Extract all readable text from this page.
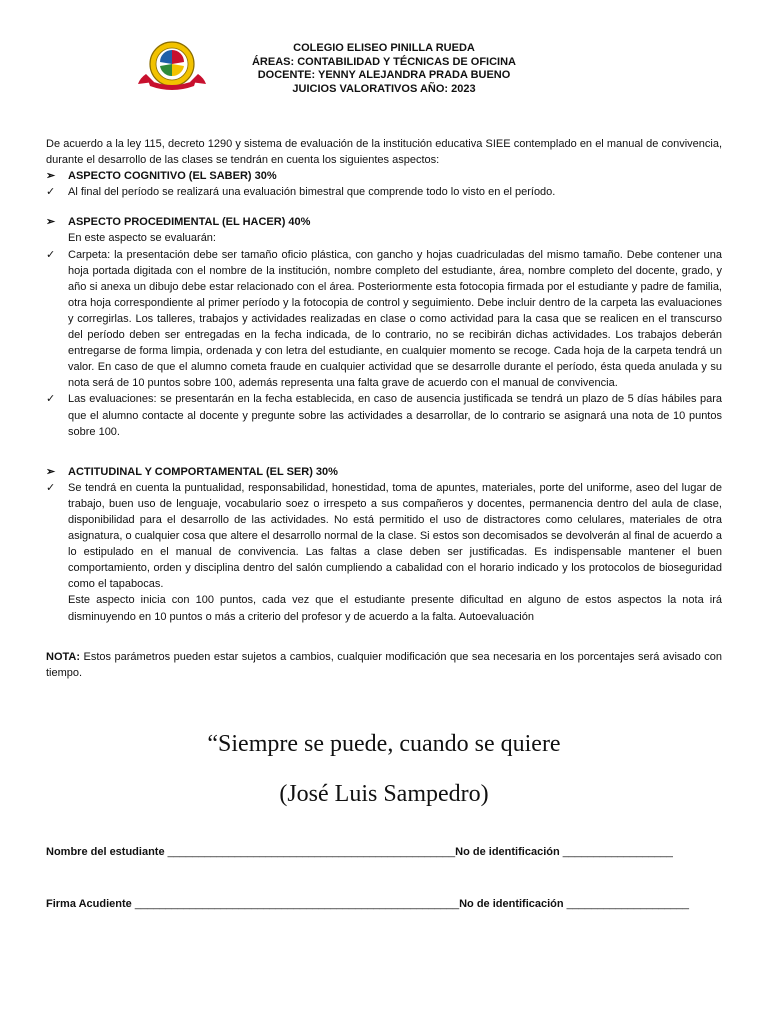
COLEGIO ELISEO PINILLA RUEDA
ÁREAS: CONTABILIDAD Y TÉCNICAS DE OFICINA
DOCENTE: YENNY ALEJANDRA PRADA BUENO
JUICIOS VALORATIVOS AÑO: 2023
De acuerdo a la ley 115, decreto 1290 y sistema de evaluación de la institución educativa SIEE contemplado en el manual de convivencia, durante el desarrollo de las clases se tendrán en cuenta los siguientes aspectos:
➢ ASPECTO COGNITIVO (EL SABER) 30%
✓ Al final del período se realizará una evaluación bimestral que comprende todo lo visto en el período.
➢ ASPECTO PROCEDIMENTAL (EL HACER) 40%
En este aspecto se evaluarán:
✓ Carpeta: la presentación debe ser tamaño oficio plástica, con gancho y hojas cuadriculadas del mismo tamaño. Debe contener una hoja portada digitada con el nombre de la institución, nombre completo del estudiante, área, nombre completo del docente, grado, y año si anexa un dibujo debe estar relacionado con el área. Posteriormente esta fotocopia firmada por el estudiante y padre de familia, otra hoja correspondiente al primer período y la fotocopia de control y seguimiento. Debe incluir dentro de la carpeta las evaluaciones y corregirlas. Los talleres, trabajos y actividades realizadas en clase o como actividad para la casa que se realicen en el transcurso del período deben ser entregadas en la fecha indicada, de lo contrario, no se recibirán dichas actividades. Los trabajos deberán entregarse de forma limpia, ordenada y con letra del estudiante, en cualquier momento se recoge. Cada hoja de la carpeta tendrá un valor. En caso de que el alumno cometa fraude en cualquier actividad que se desarrolle durante el período, ésta queda anulada y su nota será de 10 puntos sobre 100, además representa una falta grave de acuerdo con el manual de convivencia.
✓ Las evaluaciones: se presentarán en la fecha establecida, en caso de ausencia justificada se tendrá un plazo de 5 días hábiles para que el alumno contacte al docente y pregunte sobre las actividades a desarrollar, de lo contrario se asignará una nota de 10 puntos sobre 100.
➢ ACTITUDINAL Y COMPORTAMENTAL (EL SER) 30%
✓ Se tendrá en cuenta la puntualidad, responsabilidad, honestidad, toma de apuntes, materiales, porte del uniforme, aseo del lugar de trabajo, buen uso de lenguaje, vocabulario soez o irrespeto a sus compañeros y docentes, permanencia dentro del aula de clase, disponibilidad para el desarrollo de las actividades. No está permitido el uso de distractores como celulares, materiales de otra asignatura, o cualquier cosa que altere el desarrollo normal de la clase. Si estos son decomisados se devolverán al final de acuerdo a lo estipulado en el manual de convivencia. Las faltas a clase deben ser justificadas. Es indispensable mantener el buen comportamiento, orden y disciplina dentro del salón cumpliendo a cabalidad con el horario indicado y los protocolos de bioseguridad como el tapabocas.
Este aspecto inicia con 100 puntos, cada vez que el estudiante presente dificultad en alguno de estos aspectos la nota irá disminuyendo en 10 puntos o más a criterio del profesor y de acuerdo a la falta. Autoevaluación
NOTA: Estos parámetros pueden estar sujetos a cambios, cualquier modificación que sea necesaria en los porcentajes será avisado con tiempo.
“Siempre se puede, cuando se quiere
(José Luis Sampedro)
Nombre del estudiante _______________________________________________No de identificación __________________
Firma Acudiente _____________________________________________________No de identificación ____________________
